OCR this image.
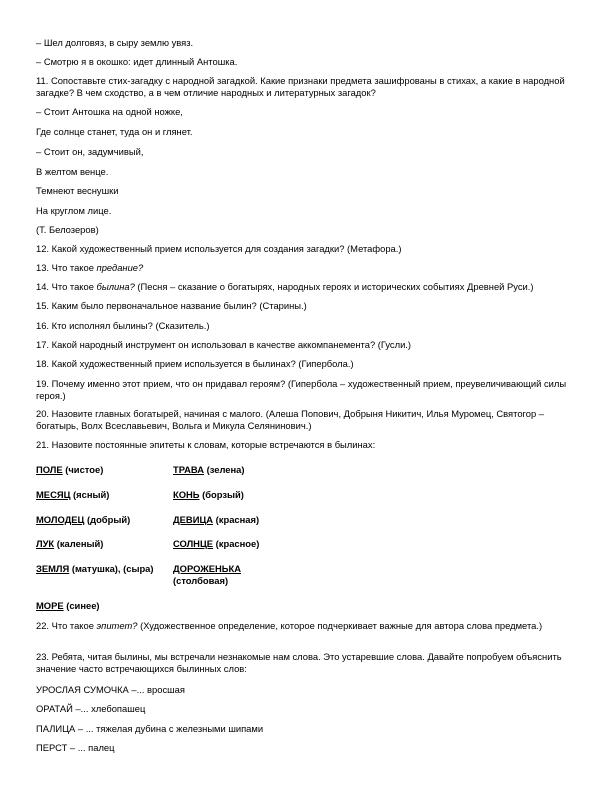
– Шел долговяз, в сыру землю увяз.
– Смотрю я в окошко: идет длинный Антошка.
11. Сопоставьте стих-загадку с народной загадкой. Какие признаки предмета зашифрованы в стихах, а какие в народной загадке? В чем сходство, а в чем отличие народных и литературных загадок?
– Стоит Антошка на одной ножке,
Где солнце станет, туда он и глянет.
– Стоит он, задумчивый,
В желтом венце.
Темнеют веснушки
На круглом лице.
(Т. Белозеров)
12. Какой художественный прием используется для создания загадки? (Метафора.)
13. Что такое предание?
14. Что такое былина? (Песня – сказание о богатырях, народных героях и исторических событиях Древней Руси.)
15. Каким было первоначальное название былин? (Старины.)
16. Кто исполнял былины? (Сказитель.)
17. Какой народный инструмент он использовал в качестве аккомпанемента? (Гусли.)
18. Какой художественный прием используется в былинах? (Гипербола.)
19. Почему именно этот прием, что он придавал героям? (Гипербола – художественный прием, преувеличивающий силы героя.)
20. Назовите главных богатырей, начиная с малого. (Алеша Попович, Добрыня Никитич, Илья Муромец, Святогор – богатырь, Волх Всеславьевич, Вольга и Микула Селянинович.)
21. Назовите постоянные эпитеты к словам, которые встречаются в былинах:
ПОЛЕ (чистое)
МЕСЯЦ (ясный)
МОЛОДЕЦ (добрый)
ЛУК (каленый)
ЗЕМЛЯ (матушка), (сыра)
МОРЕ (синее)
ТРАВА (зелена)
КОНЬ (борзый)
ДЕВИЦА (красная)
СОЛНЦЕ (красное)
ДОРОЖЕНЬКА (столбовая)
22. Что такое эпитет? (Художественное определение, которое подчеркивает важные для автора слова предмета.)
23. Ребята, читая былины, мы встречали незнакомые нам слова. Это устаревшие слова. Давайте попробуем объяснить значение часто встречающихся былинных слов:
УРОСЛАЯ СУМОЧКА –... вросшая
ОРАТАЙ –... хлебопашец
ПАЛИЦА – ... тяжелая дубина с железными шипами
ПЕРСТ – ... палец
